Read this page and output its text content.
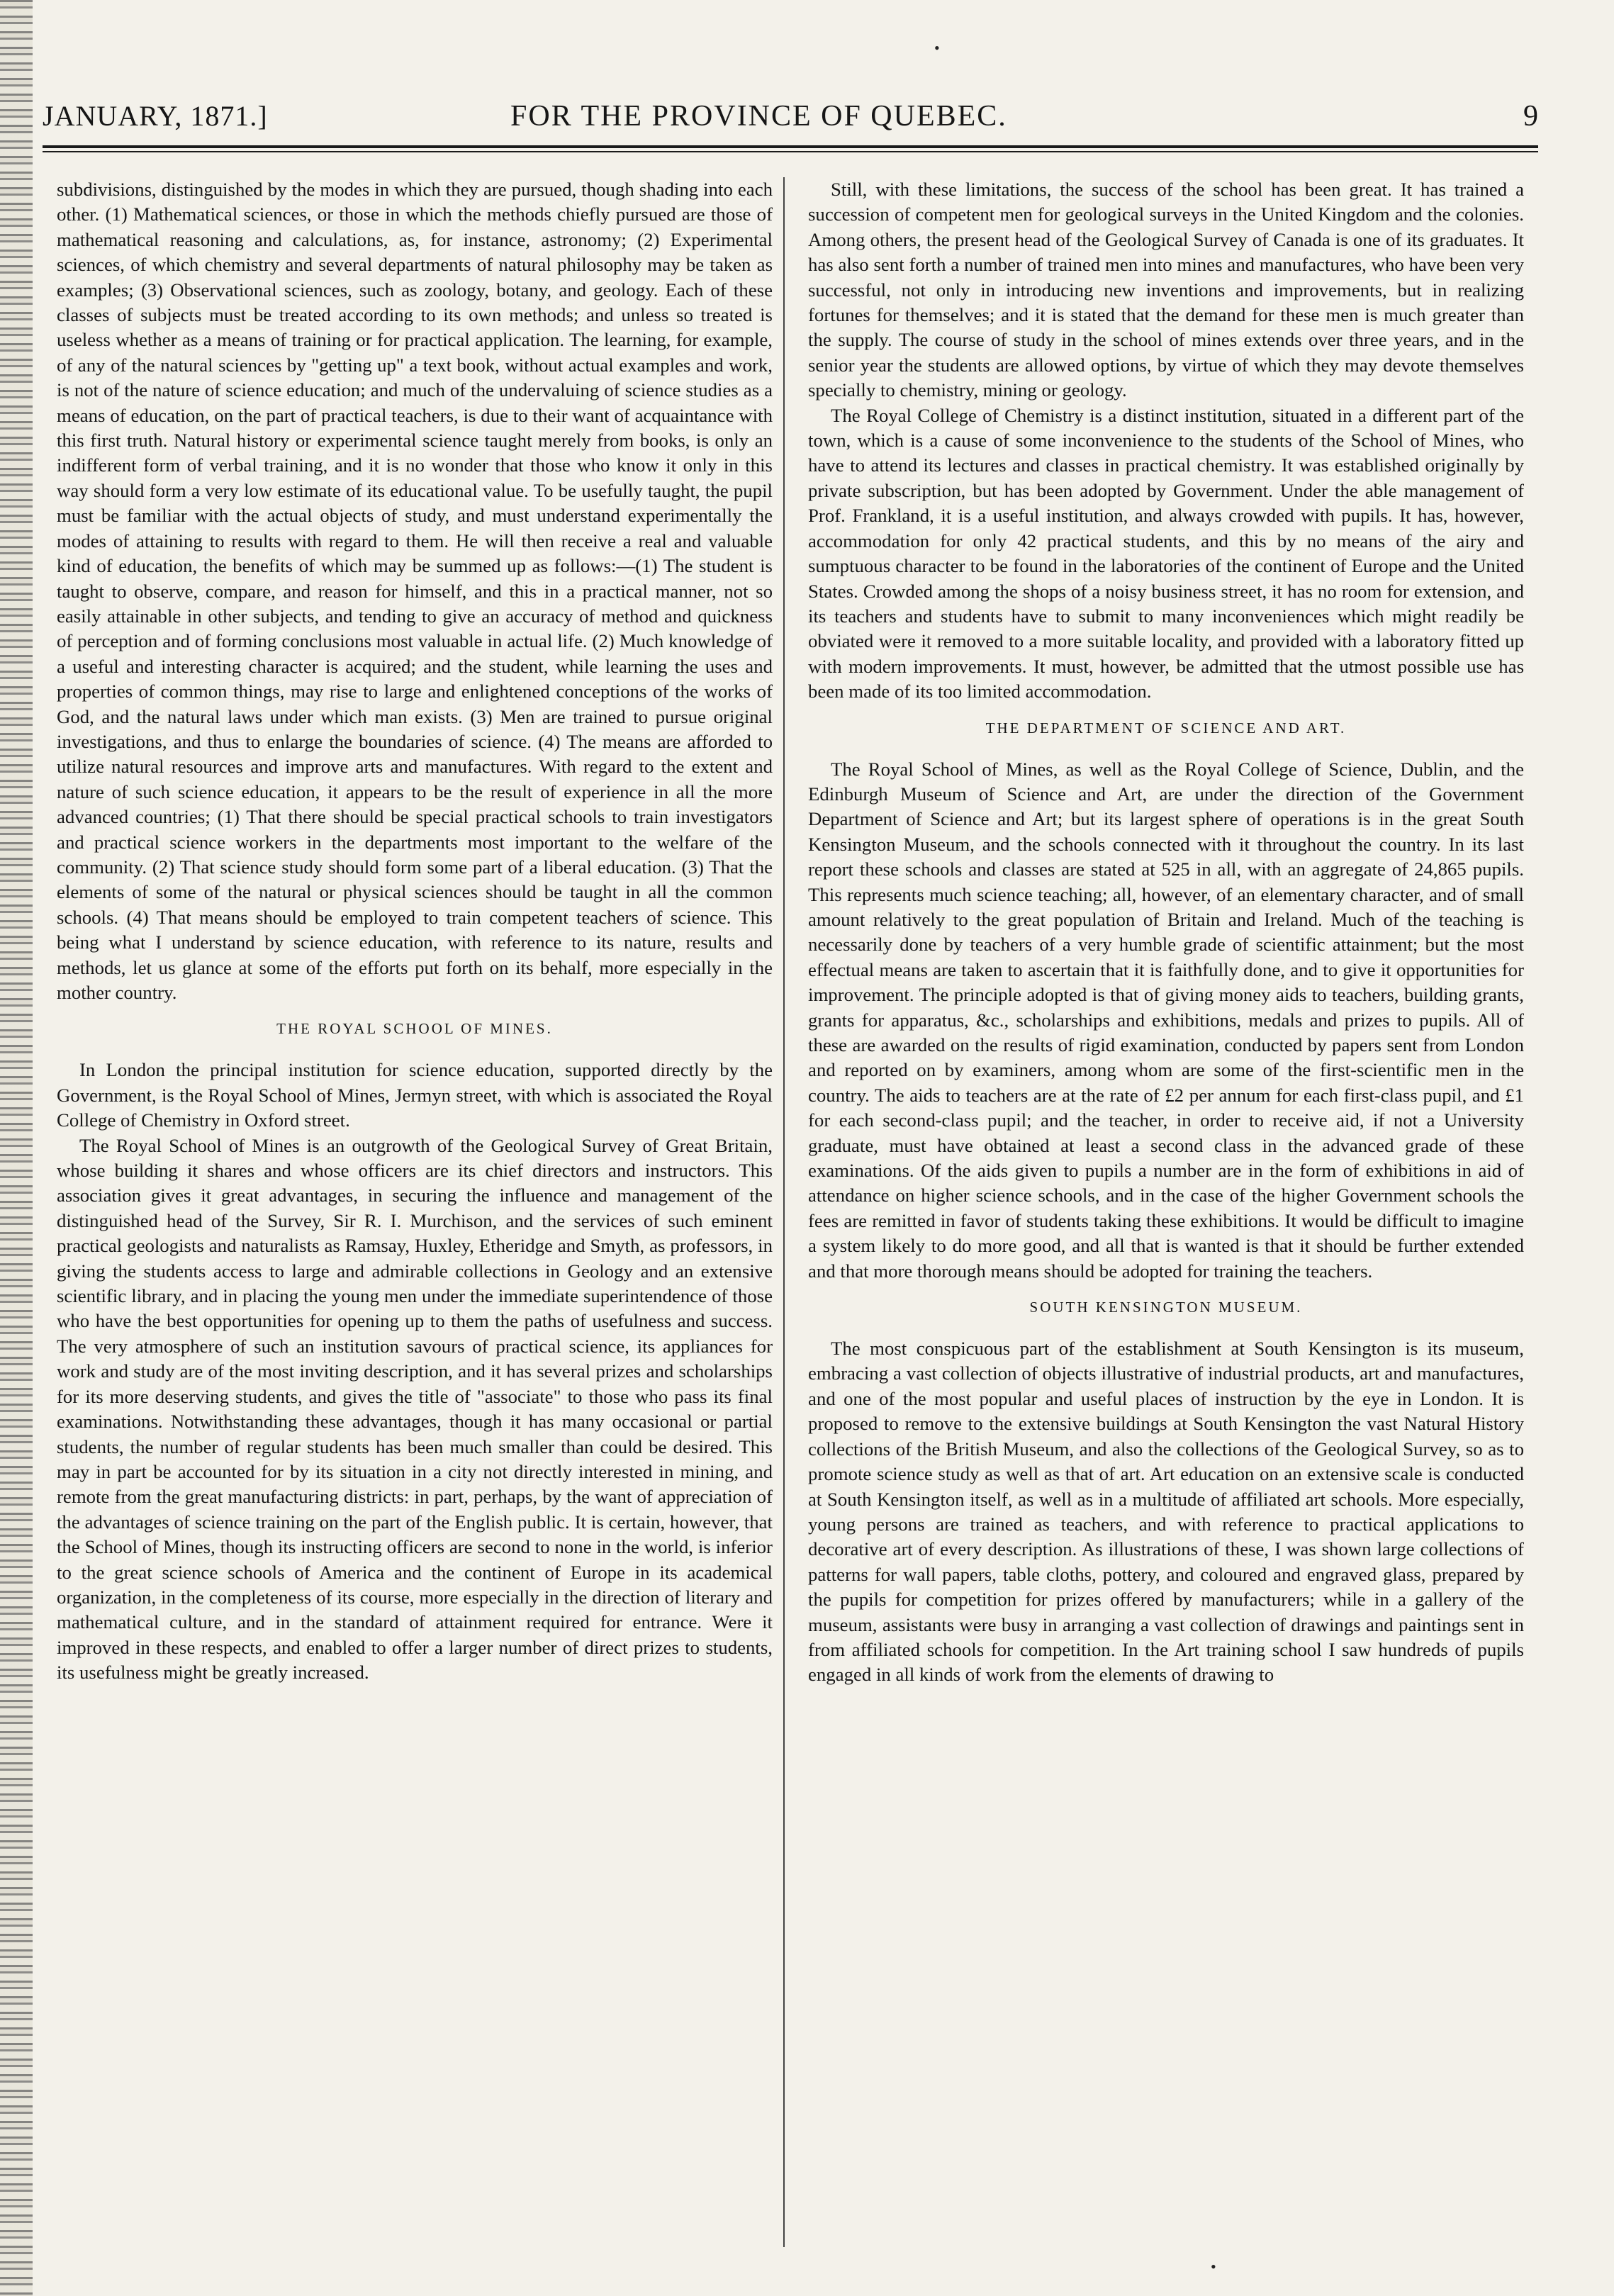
JANUARY, 1871.]	FOR THE PROVINCE OF QUEBEC.	9

subdivisions, distinguished by the modes in which they are pursued, though shading into each other. (1) Mathematical sciences, or those in which the methods chiefly pursued are those of mathematical reasoning and calculations, as, for instance, astronomy; (2) Experimental sciences, of which chemistry and several departments of natural philosophy may be taken as examples; (3) Observational sciences, such as zoology, botany, and geology. Each of these classes of subjects must be treated according to its own methods; and unless so treated is useless whether as a means of training or for practical application. The learning, for example, of any of the natural sciences by "getting up" a text book, without actual examples and work, is not of the nature of science education; and much of the undervaluing of science studies as a means of education, on the part of practical teachers, is due to their want of acquaintance with this first truth. Natural history or experimental science taught merely from books, is only an indifferent form of verbal training, and it is no wonder that those who know it only in this way should form a very low estimate of its educational value. To be usefully taught, the pupil must be familiar with the actual objects of study, and must understand experimentally the modes of attaining to results with regard to them. He will then receive a real and valuable kind of education, the benefits of which may be summed up as follows:—(1) The student is taught to observe, compare, and reason for himself, and this in a practical manner, not so easily attainable in other subjects, and tending to give an accuracy of method and quickness of perception and of forming conclusions most valuable in actual life. (2) Much knowledge of a useful and interesting character is acquired; and the student, while learning the uses and properties of common things, may rise to large and enlightened conceptions of the works of God, and the natural laws under which man exists. (3) Men are trained to pursue original investigations, and thus to enlarge the boundaries of science. (4) The means are afforded to utilize natural resources and improve arts and manufactures. With regard to the extent and nature of such science education, it appears to be the result of experience in all the more advanced countries; (1) That there should be special practical schools to train investigators and practical science workers in the departments most important to the welfare of the community. (2) That science study should form some part of a liberal education. (3) That the elements of some of the natural or physical sciences should be taught in all the common schools. (4) That means should be employed to train competent teachers of science. This being what I understand by science education, with reference to its nature, results and methods, let us glance at some of the efforts put forth on its behalf, more especially in the mother country.

THE ROYAL SCHOOL OF MINES.

In London the principal institution for science education, supported directly by the Government, is the Royal School of Mines, Jermyn street, with which is associated the Royal College of Chemistry in Oxford street.

The Royal School of Mines is an outgrowth of the Geological Survey of Great Britain, whose building it shares and whose officers are its chief directors and instructors. This association gives it great advantages, in securing the influence and management of the distinguished head of the Survey, Sir R. I. Murchison, and the services of such eminent practical geologists and naturalists as Ramsay, Huxley, Etheridge and Smyth, as professors, in giving the students access to large and admirable collections in Geology and an extensive scientific library, and in placing the young men under the immediate superintendence of those who have the best opportunities for opening up to them the paths of usefulness and success. The very atmosphere of such an institution savours of practical science, its appliances for work and study are of the most inviting description, and it has several prizes and scholarships for its more deserving students, and gives the title of "associate" to those who pass its final examinations. Notwithstanding these advantages, though it has many occasional or partial students, the number of regular students has been much smaller than could be desired. This may in part be accounted for by its situation in a city not directly interested in mining, and remote from the great manufacturing districts: in part, perhaps, by the want of appreciation of the advantages of science training on the part of the English public. It is certain, however, that the School of Mines, though its instructing officers are second to none in the world, is inferior to the great science schools of America and the continent of Europe in its academical organization, in the completeness of its course, more especially in the direction of literary and mathematical culture, and in the standard of attainment required for entrance. Were it improved in these respects, and enabled to offer a larger number of direct prizes to students, its usefulness might be greatly increased.

Still, with these limitations, the success of the school has been great. It has trained a succession of competent men for geological surveys in the United Kingdom and the colonies. Among others, the present head of the Geological Survey of Canada is one of its graduates. It has also sent forth a number of trained men into mines and manufactures, who have been very successful, not only in introducing new inventions and improvements, but in realizing fortunes for themselves; and it is stated that the demand for these men is much greater than the supply. The course of study in the school of mines extends over three years, and in the senior year the students are allowed options, by virtue of which they may devote themselves specially to chemistry, mining or geology.

The Royal College of Chemistry is a distinct institution, situated in a different part of the town, which is a cause of some inconvenience to the students of the School of Mines, who have to attend its lectures and classes in practical chemistry. It was established originally by private subscription, but has been adopted by Government. Under the able management of Prof. Frankland, it is a useful institution, and always crowded with pupils. It has, however, accommodation for only 42 practical students, and this by no means of the airy and sumptuous character to be found in the laboratories of the continent of Europe and the United States. Crowded among the shops of a noisy business street, it has no room for extension, and its teachers and students have to submit to many inconveniences which might readily be obviated were it removed to a more suitable locality, and provided with a laboratory fitted up with modern improvements. It must, however, be admitted that the utmost possible use has been made of its too limited accommodation.

THE DEPARTMENT OF SCIENCE AND ART.

The Royal School of Mines, as well as the Royal College of Science, Dublin, and the Edinburgh Museum of Science and Art, are under the direction of the Government Department of Science and Art; but its largest sphere of operations is in the great South Kensington Museum, and the schools connected with it throughout the country. In its last report these schools and classes are stated at 525 in all, with an aggregate of 24,865 pupils. This represents much science teaching; all, however, of an elementary character, and of small amount relatively to the great population of Britain and Ireland. Much of the teaching is necessarily done by teachers of a very humble grade of scientific attainment; but the most effectual means are taken to ascertain that it is faithfully done, and to give it opportunities for improvement. The principle adopted is that of giving money aids to teachers, building grants, grants for apparatus, &c., scholarships and exhibitions, medals and prizes to pupils. All of these are awarded on the results of rigid examination, conducted by papers sent from London and reported on by examiners, among whom are some of the first-scientific men in the country. The aids to teachers are at the rate of £2 per annum for each first-class pupil, and £1 for each second-class pupil; and the teacher, in order to receive aid, if not a University graduate, must have obtained at least a second class in the advanced grade of these examinations. Of the aids given to pupils a number are in the form of exhibitions in aid of attendance on higher science schools, and in the case of the higher Government schools the fees are remitted in favor of students taking these exhibitions. It would be difficult to imagine a system likely to do more good, and all that is wanted is that it should be further extended and that more thorough means should be adopted for training the teachers.

SOUTH KENSINGTON MUSEUM.

The most conspicuous part of the establishment at South Kensington is its museum, embracing a vast collection of objects illustrative of industrial products, art and manufactures, and one of the most popular and useful places of instruction by the eye in London. It is proposed to remove to the extensive buildings at South Kensington the vast Natural History collections of the British Museum, and also the collections of the Geological Survey, so as to promote science study as well as that of art. Art education on an extensive scale is conducted at South Kensington itself, as well as in a multitude of affiliated art schools. More especially, young persons are trained as teachers, and with reference to practical applications to decorative art of every description. As illustrations of these, I was shown large collections of patterns for wall papers, table cloths, pottery, and coloured and engraved glass, prepared by the pupils for competition for prizes offered by manufacturers; while in a gallery of the museum, assistants were busy in arranging a vast collection of drawings and paintings sent in from affiliated schools for competition. In the Art training school I saw hundreds of pupils engaged in all kinds of work from the elements of drawing to

•
•
